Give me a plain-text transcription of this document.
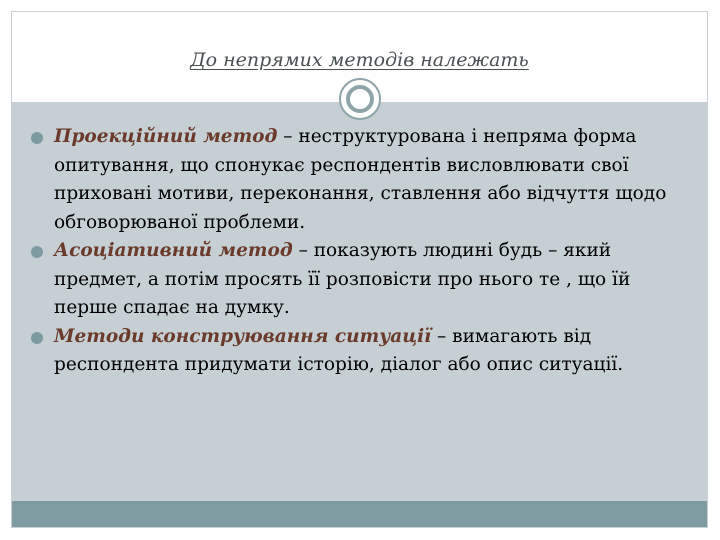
До непрямих методів належать
Проекційний метод – неструктурована і непряма форма опитування, що спонукає респондентів висловлювати свої приховані мотиви, переконання, ставлення або відчуття щодо обговорюваної проблеми.
Асоціативний метод – показують людині будь – який предмет, а потім просять її розповісти про нього те , що їй перше спадає на думку.
Методи конструювання ситуації – вимагають від респондента придумати історію, діалог або опис ситуації.
